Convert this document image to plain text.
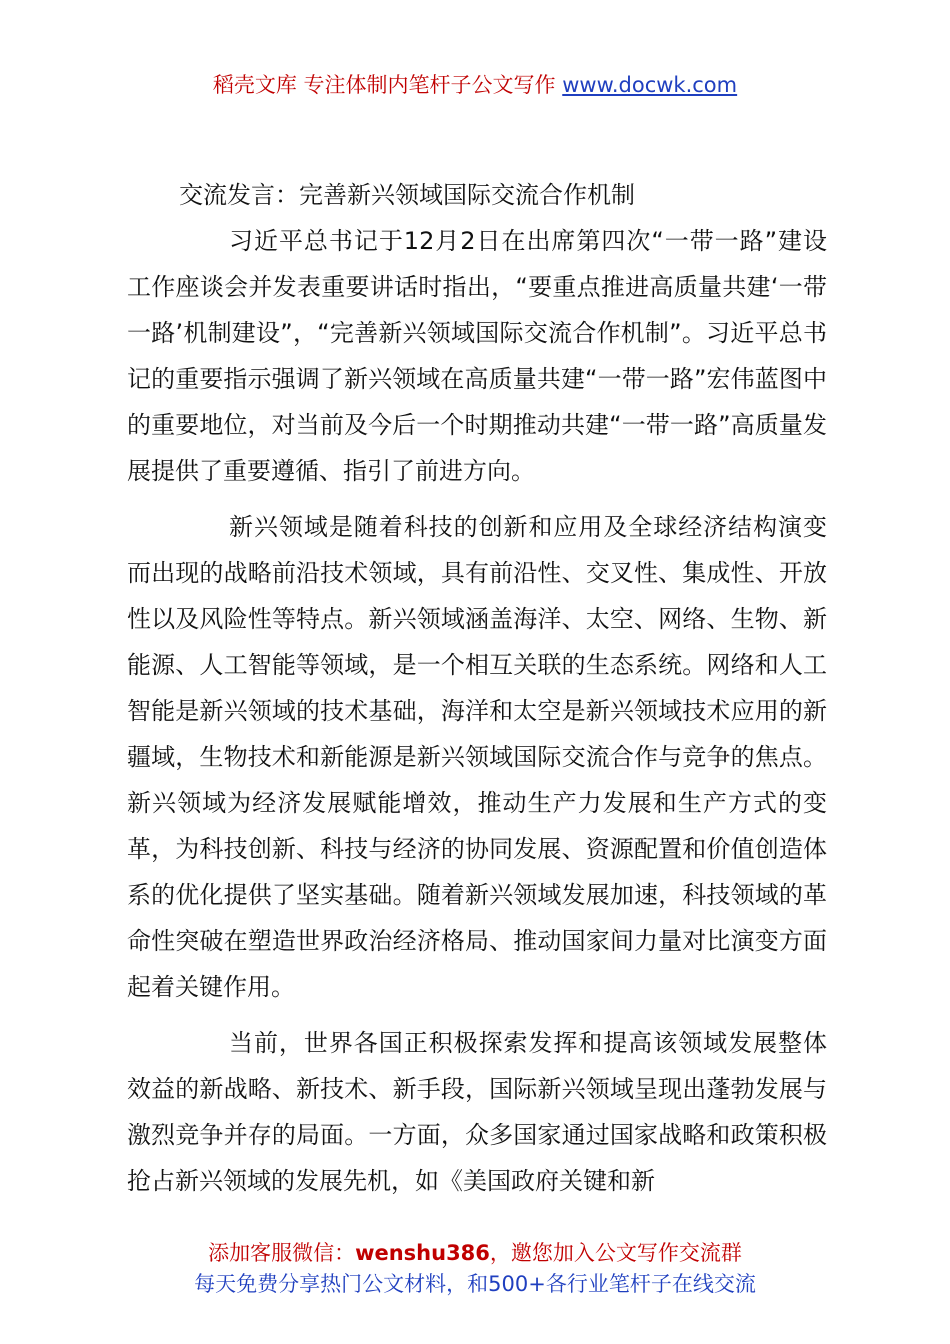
稻壳文库 专注体制内笔杆子公文写作 www.docwk.com
交流发言：完善新兴领域国际交流合作机制

习近平总书记于12月2日在出席第四次“一带一路”建设工作座谈会并发表重要讲话时指出，“要重点推进高质量共建‘一带一路’机制建设”，“完善新兴领域国际交流合作机制”。习近平总书记的重要指示强调了新兴领域在高质量共建“一带一路”宏伟蓝图中的重要地位，对当前及今后一个时期推动共建“一带一路”高质量发展提供了重要遵循、指引了前进方向。

新兴领域是随着科技的创新和应用及全球经济结构演变而出现的战略前沿技术领域，具有前沿性、交叉性、集成性、开放性以及风险性等特点。新兴领域涵盖海洋、太空、网络、生物、新能源、人工智能等领域，是一个相互关联的生态系统。网络和人工智能是新兴领域的技术基础，海洋和太空是新兴领域技术应用的新疆域，生物技术和新能源是新兴领域国际交流合作与竞争的焦点。新兴领域为经济发展赋能增效，推动生产力发展和生产方式的变革，为科技创新、科技与经济的协同发展、资源配置和价值创造体系的优化提供了坚实基础。随着新兴领域发展加速，科技领域的革命性突破在塑造世界政治经济格局、推动国家间力量对比演变方面起着关键作用。

当前，世界各国正积极探索发挥和提高该领域发展整体效益的新战略、新技术、新手段，国际新兴领域呈现出蓬勃发展与激烈竞争并存的局面。一方面，众多国家通过国家战略和政策积极抢占新兴领域的发展先机，如《美国政府关键和新

添加客服微信：wenshu386，邀您加入公文写作交流群
每天免费分享热门公文材料，和500+各行业笔杆子在线交流
